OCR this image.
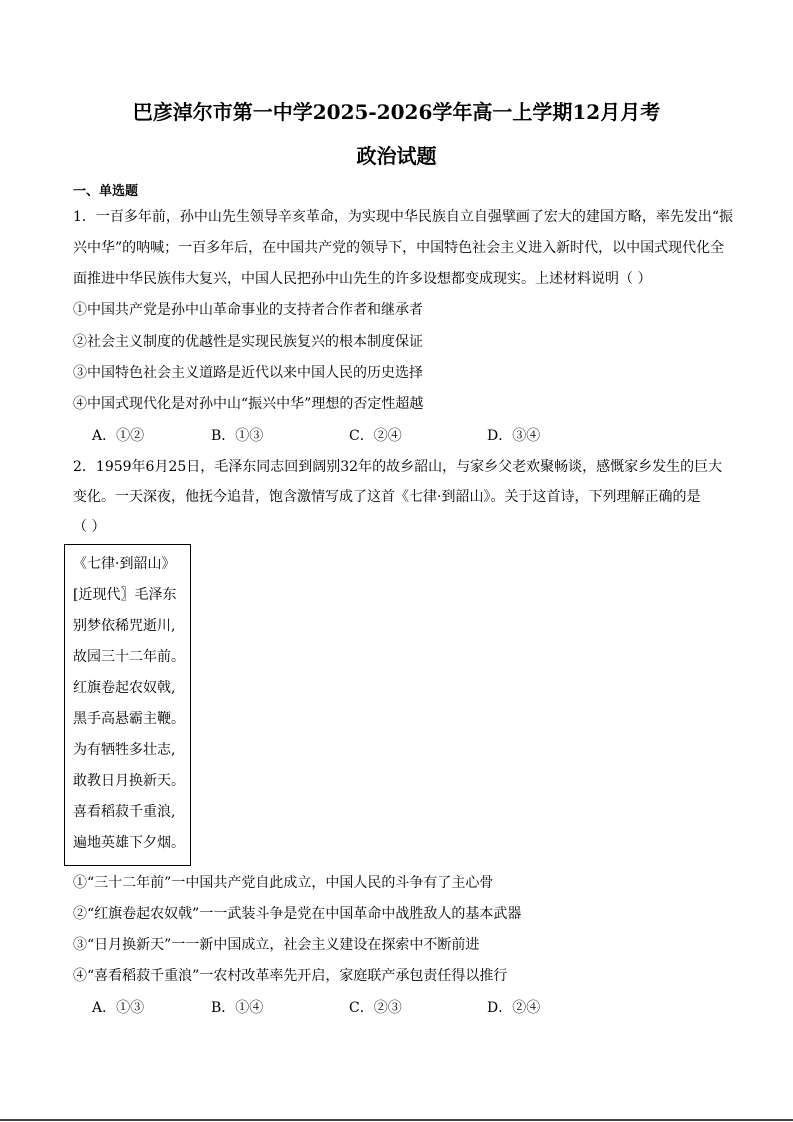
巴彦淖尔市第一中学2025-2026学年高一上学期12月月考
政治试题
一、单选题
1．一百多年前，孙中山先生领导辛亥革命，为实现中华民族自立自强擘画了宏大的建国方略，率先发出“振
兴中华”的呐喊；一百多年后，在中国共产党的领导下，中国特色社会主义进入新时代，以中国式现代化全
面推进中华民族伟大复兴，中国人民把孙中山先生的许多设想都变成现实。上述材料说明（ ）
①中国共产党是孙中山革命事业的支持者合作者和继承者
②社会主义制度的优越性是实现民族复兴的根本制度保证
③中国特色社会主义道路是近代以来中国人民的历史选择
④中国式现代化是对孙中山“振兴中华”理想的否定性超越
A．①②	B．①③	C．②④	D．③④
2．1959年6月25日，毛泽东同志回到阔别32年的故乡韶山，与家乡父老欢聚畅谈，感慨家乡发生的巨大
变化。一天深夜，他抚今追昔，饱含激情写成了这首《七律·到韶山》。关于这首诗，下列理解正确的是
（ ）
《七律·到韶山》
[近现代〗毛泽东
别梦依稀咒逝川,
故园三十二年前。
红旗卷起农奴戟,
黑手高悬霸主鞭。
为有牺牲多壮志,
敢教日月换新天。
喜看稻菽千重浪,
遍地英雄下夕烟。
①“三十二年前”一中国共产党自此成立，中国人民的斗争有了主心骨
②“红旗卷起农奴戟”一一武装斗争是党在中国革命中战胜敌人的基本武器
③“日月换新天”一一新中国成立，社会主义建设在探索中不断前进
④“喜看稻菽千重浪”一农村改革率先开启，家庭联产承包责任得以推行
A．①③	B．①④	C．②③	D．②④
